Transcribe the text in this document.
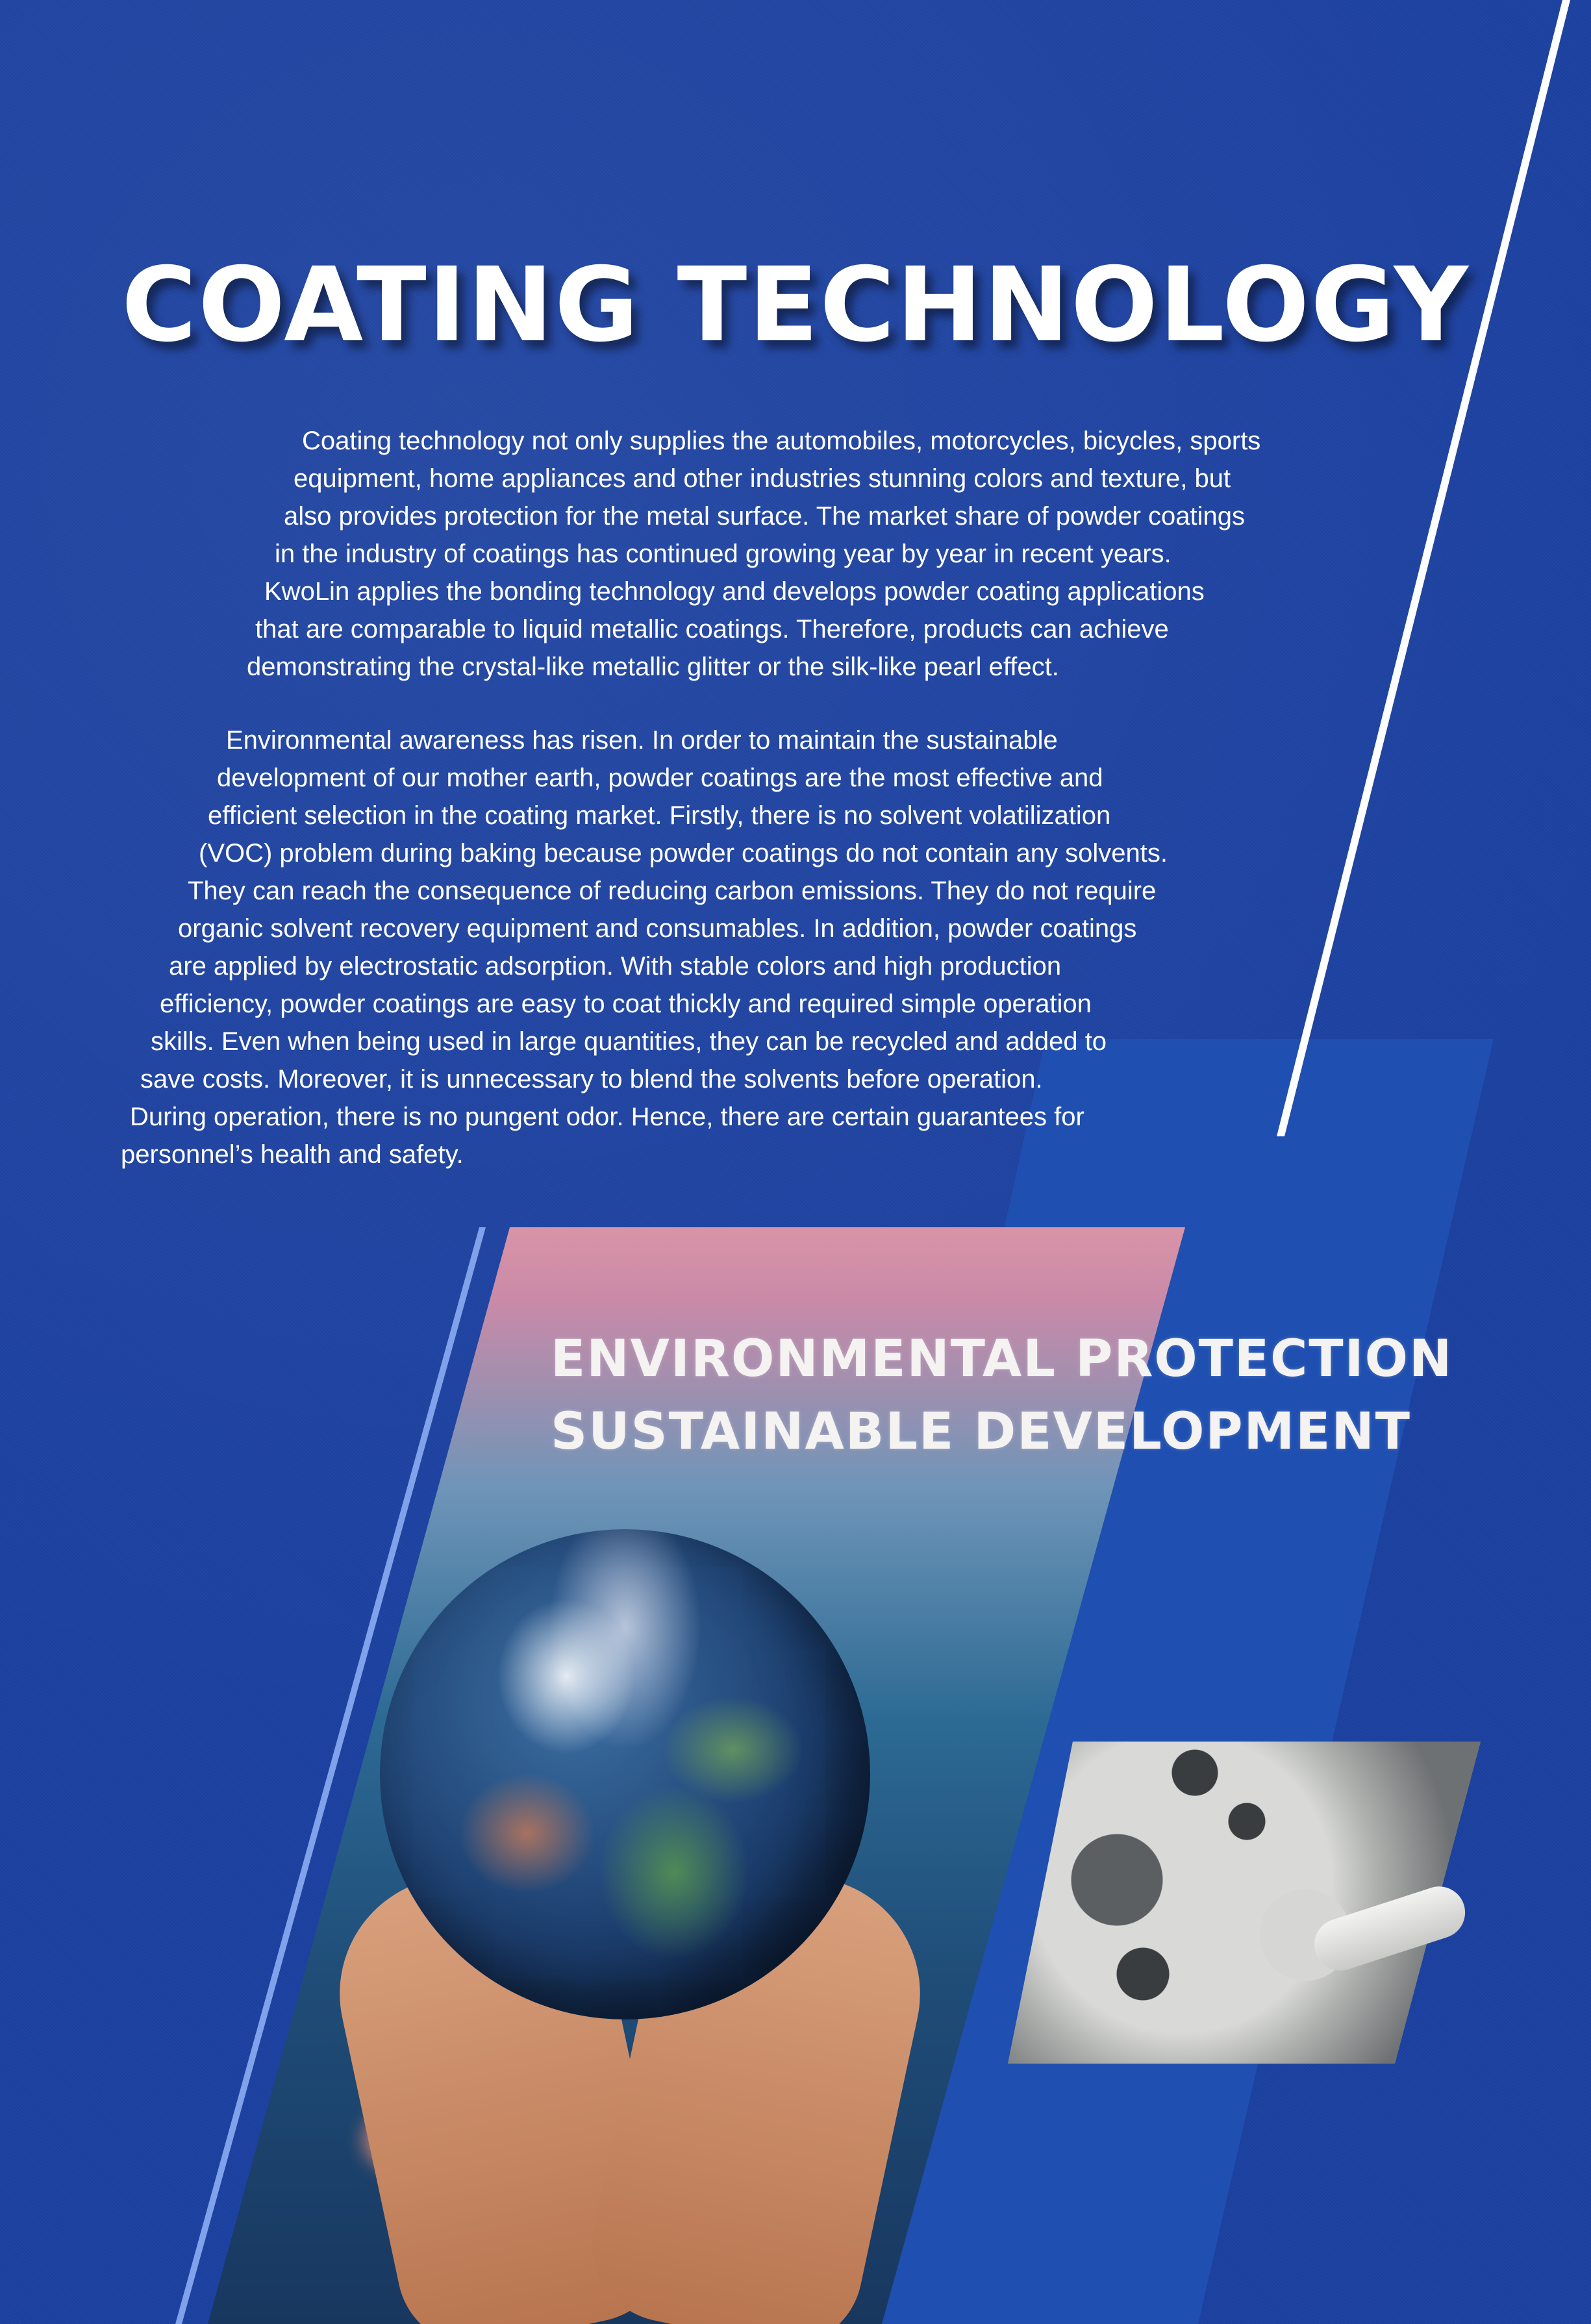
COATING TECHNOLOGY
Coating technology not only supplies the automobiles, motorcycles, bicycles, sports
equipment, home appliances and other industries stunning colors and texture, but
also provides protection for the metal surface. The market share of powder coatings
in the industry of coatings has continued growing year by year in recent years.
KwoLin applies the bonding technology and develops powder coating applications
that are comparable to liquid metallic coatings. Therefore, products can achieve
demonstrating the crystal-like metallic glitter or the silk-like pearl effect.
Environmental awareness has risen. In order to maintain the sustainable
development of our mother earth, powder coatings are the most effective and
efficient selection in the coating market. Firstly, there is no solvent volatilization
(VOC) problem during baking because powder coatings do not contain any solvents.
They can reach the consequence of reducing carbon emissions. They do not require
organic solvent recovery equipment and consumables. In addition, powder coatings
are applied by electrostatic adsorption. With stable colors and high production
efficiency, powder coatings are easy to coat thickly and required simple operation
skills. Even when being used in large quantities, they can be recycled and added to
save costs. Moreover, it is unnecessary to blend the solvents before operation.
During operation, there is no pungent odor. Hence, there are certain guarantees for
personnel’s health and safety.
ENVIRONMENTAL PROTECTION
SUSTAINABLE DEVELOPMENT
